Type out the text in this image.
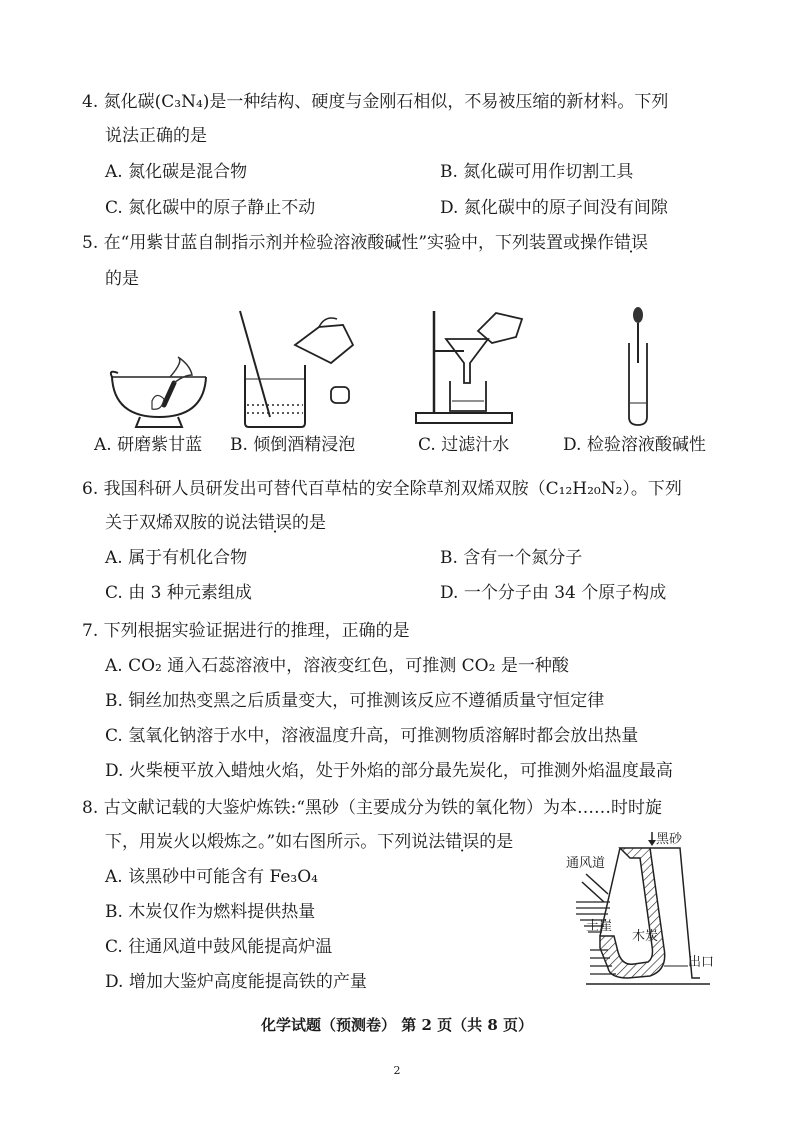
4. 氮化碳(C₃N₄)是一种结构、硬度与金刚石相似，不易被压缩的新材料。下列
说法正确的是
A. 氮化碳是混合物	B. 氮化碳可用作切割工具
C. 氮化碳中的原子静止不动	D. 氮化碳中的原子间没有间隙
5. 在“用紫甘蓝自制指示剂并检验溶液酸碱性”实验中，下列装置或操作错误
的是
A. 研磨紫甘蓝 B. 倾倒酒精浸泡	C. 过滤汁水	D. 检验溶液酸碱性
6. 我国科研人员研发出可替代百草枯的安全除草剂双烯双胺（C₁₂H₂₀N₂）。下列
关于双烯双胺的说法错误的是
A. 属于有机化合物	B. 含有一个氮分子
C. 由 3 种元素组成	D. 一个分子由 34 个原子构成
7. 下列根据实验证据进行的推理，正确的是
A. CO₂ 通入石蕊溶液中，溶液变红色，可推测 CO₂ 是一种酸
B. 铜丝加热变黑之后质量变大，可推测该反应不遵循质量守恒定律
C. 氢氧化钠溶于水中，溶液温度升高，可推测物质溶解时都会放出热量
D. 火柴梗平放入蜡烛火焰，处于外焰的部分最先炭化，可推测外焰温度最高
8. 古文献记载的大鉴炉炼铁:“黑砂（主要成分为铁的氧化物）为本……时时旋
下，用炭火以煅炼之。”如右图所示。下列说法错误的是
A. 该黑砂中可能含有 Fe₃O₄
B. 木炭仅作为燃料提供热量
C. 往通风道中鼓风能提高炉温
D. 增加大鉴炉高度能提高铁的产量
黑砂
通风道
土崖
木炭
出口
化学试题（预测卷） 第 2 页（共 8 页）
2
